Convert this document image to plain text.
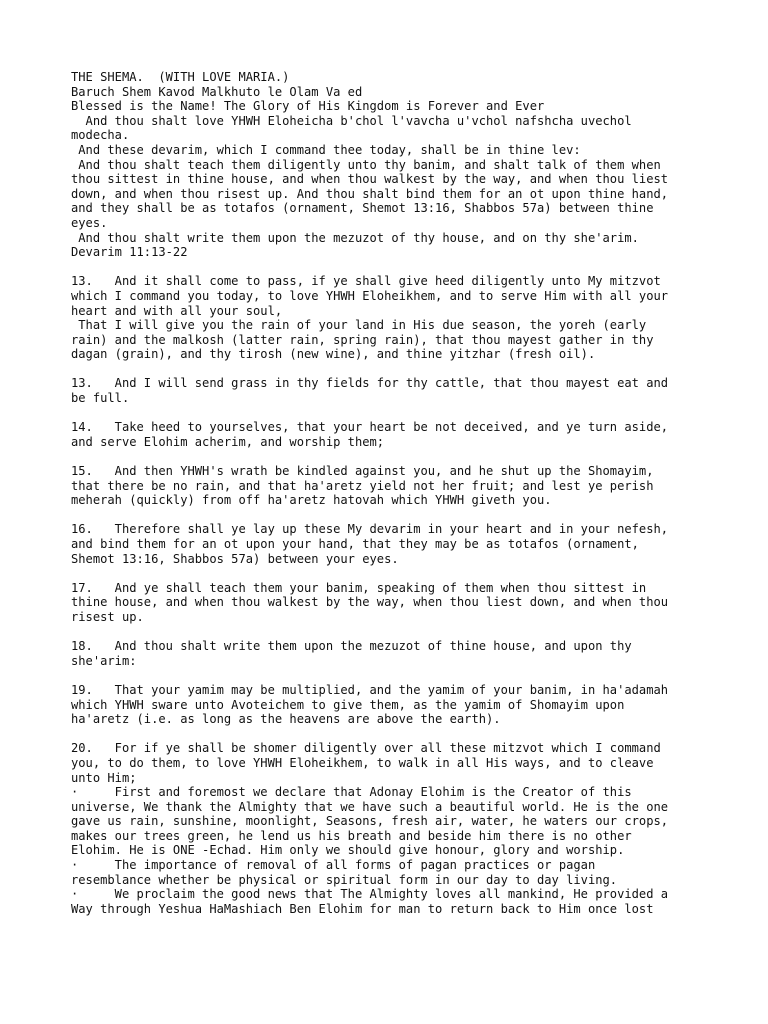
THE SHEMA.  (WITH LOVE MARIA.)
Baruch Shem Kavod Malkhuto le Olam Va ed
Blessed is the Name! The Glory of His Kingdom is Forever and Ever
And thou shalt love YHWH Eloheicha b'chol l'vavcha u'vchol nafshcha uvechol
modecha.
And these devarim, which I command thee today, shall be in thine lev:
And thou shalt teach them diligently unto thy banim, and shalt talk of them when
thou sittest in thine house, and when thou walkest by the way, and when thou liest
down, and when thou risest up. And thou shalt bind them for an ot upon thine hand,
and they shall be as totafos (ornament, Shemot 13:16, Shabbos 57a) between thine
eyes.
And thou shalt write them upon the mezuzot of thy house, and on thy she'arim.
Devarim 11:13-22
13.   And it shall come to pass, if ye shall give heed diligently unto My mitzvot
which I command you today, to love YHWH Eloheikhem, and to serve Him with all your
heart and with all your soul,
That I will give you the rain of your land in His due season, the yoreh (early
rain) and the malkosh (latter rain, spring rain), that thou mayest gather in thy
dagan (grain), and thy tirosh (new wine), and thine yitzhar (fresh oil).
13.   And I will send grass in thy fields for thy cattle, that thou mayest eat and
be full.
14.   Take heed to yourselves, that your heart be not deceived, and ye turn aside,
and serve Elohim acherim, and worship them;
15.   And then YHWH's wrath be kindled against you, and he shut up the Shomayim,
that there be no rain, and that ha'aretz yield not her fruit; and lest ye perish
meherah (quickly) from off ha'aretz hatovah which YHWH giveth you.
16.   Therefore shall ye lay up these My devarim in your heart and in your nefesh,
and bind them for an ot upon your hand, that they may be as totafos (ornament,
Shemot 13:16, Shabbos 57a) between your eyes.
17.   And ye shall teach them your banim, speaking of them when thou sittest in
thine house, and when thou walkest by the way, when thou liest down, and when thou
risest up.
18.   And thou shalt write them upon the mezuzot of thine house, and upon thy
she'arim:
19.   That your yamim may be multiplied, and the yamim of your banim, in ha'adamah
which YHWH sware unto Avoteichem to give them, as the yamim of Shomayim upon
ha'aretz (i.e. as long as the heavens are above the earth).
20.   For if ye shall be shomer diligently over all these mitzvot which I command
you, to do them, to love YHWH Eloheikhem, to walk in all His ways, and to cleave
unto Him;
·     First and foremost we declare that Adonay Elohim is the Creator of this
universe, We thank the Almighty that we have such a beautiful world. He is the one
gave us rain, sunshine, moonlight, Seasons, fresh air, water, he waters our crops,
makes our trees green, he lend us his breath and beside him there is no other
Elohim. He is ONE -Echad. Him only we should give honour, glory and worship.
·     The importance of removal of all forms of pagan practices or pagan
resemblance whether be physical or spiritual form in our day to day living.
·     We proclaim the good news that The Almighty loves all mankind, He provided a
Way through Yeshua HaMashiach Ben Elohim for man to return back to Him once lost
